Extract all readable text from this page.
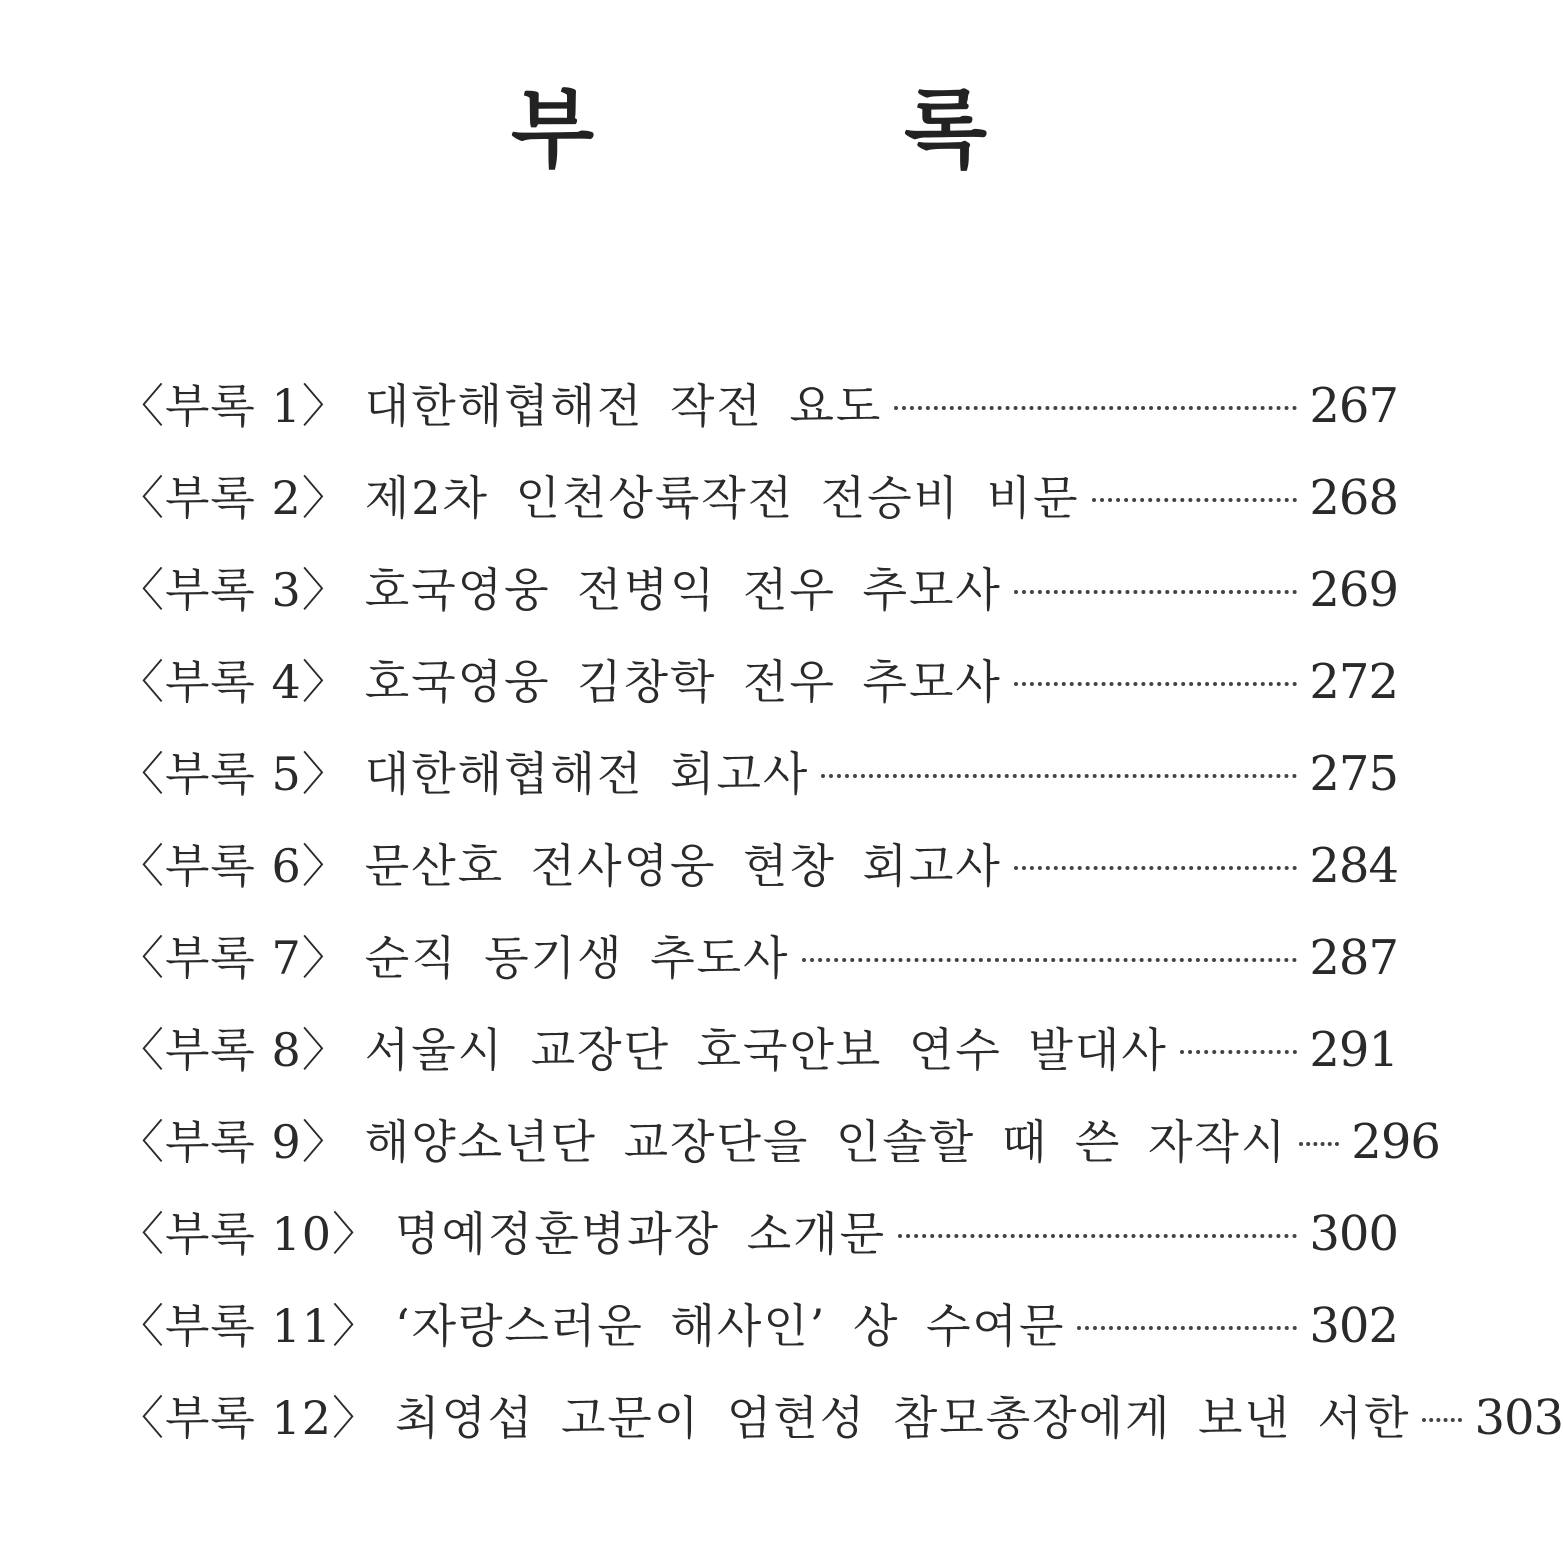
부 록
〈부록 1〉 대한해협해전 작전 요도	267
〈부록 2〉 제2차 인천상륙작전 전승비 비문	268
〈부록 3〉 호국영웅 전병익 전우 추모사	269
〈부록 4〉 호국영웅 김창학 전우 추모사	272
〈부록 5〉 대한해협해전 회고사	275
〈부록 6〉 문산호 전사영웅 현창 회고사	284
〈부록 7〉 순직 동기생 추도사	287
〈부록 8〉 서울시 교장단 호국안보 연수 발대사	291
〈부록 9〉 해양소년단 교장단을 인솔할 때 쓴 자작시 296
〈부록 10〉 명예정훈병과장 소개문	300
〈부록 11〉 ‘자랑스러운 해사인’ 상 수여문	302
〈부록 12〉 최영섭 고문이 엄현성 참모총장에게 보낸 서한 303
